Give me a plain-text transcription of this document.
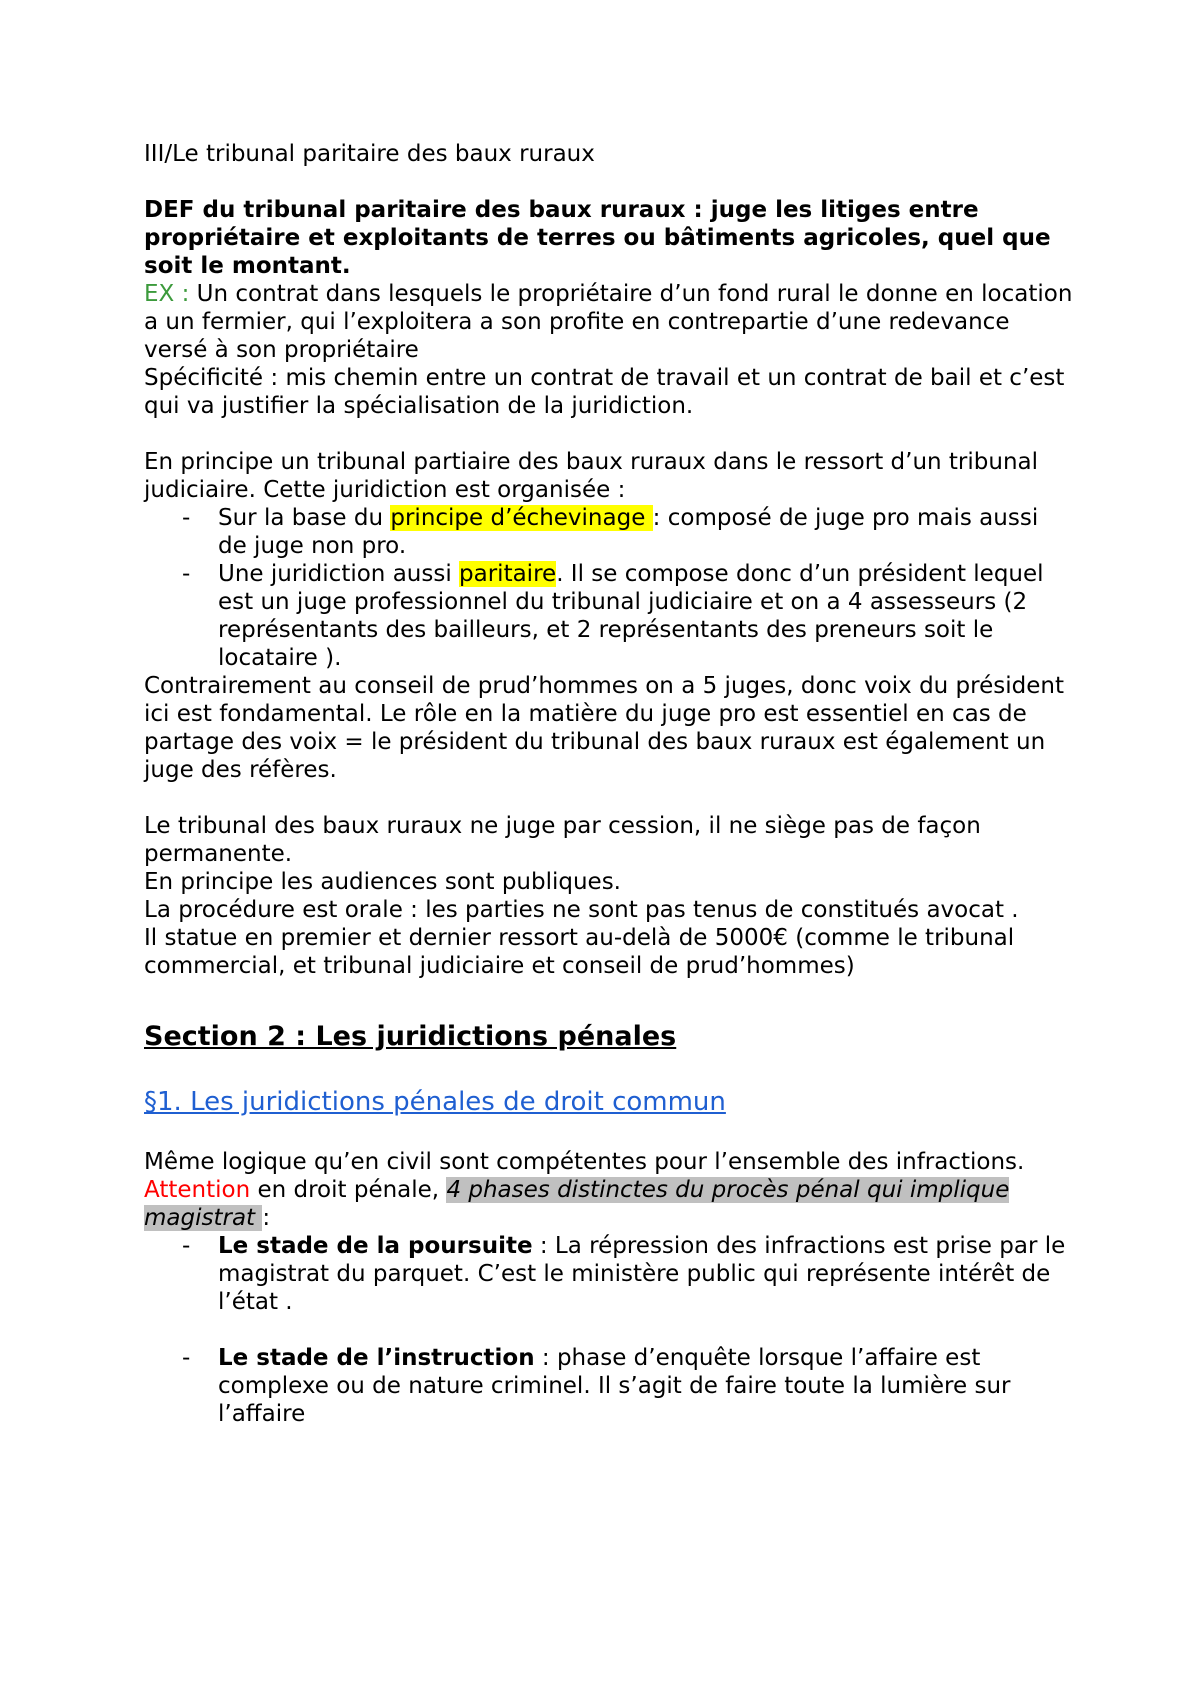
III/Le tribunal paritaire des baux ruraux

DEF du tribunal paritaire des baux ruraux : juge les litiges entre propriétaire et exploitants de terres ou bâtiments agricoles, quel que soit le montant.

EX : Un contrat dans lesquels le propriétaire d’un fond rural le donne en location a un fermier, qui l’exploitera a son profite en contrepartie d’une redevance versé à son propriétaire

Spécificité : mis chemin entre un contrat de travail et un contrat de bail et c’est qui va justifier la spécialisation de la juridiction.

En principe un tribunal partiaire des baux ruraux dans le ressort d’un tribunal judiciaire. Cette juridiction est organisée :

- Sur la base du principe d’échevinage : composé de juge pro mais aussi de juge non pro.
- Une juridiction aussi paritaire. Il se compose donc d’un président lequel est un juge professionnel du tribunal judiciaire et on a 4 assesseurs (2 représentants des bailleurs, et 2 représentants des preneurs soit le locataire ).

Contrairement au conseil de prud’hommes on a 5 juges, donc voix du président ici est fondamental. Le rôle en la matière du juge pro est essentiel en cas de partage des voix = le président du tribunal des baux ruraux est également un juge des réfères.

Le tribunal des baux ruraux ne juge par cession, il ne siège pas de façon permanente.

En principe les audiences sont publiques.

La procédure est orale : les parties ne sont pas tenus de constitués avocat .

Il statue en premier et dernier ressort au-delà de 5000€ (comme le tribunal commercial, et tribunal judiciaire et conseil de prud’hommes)

Section 2 : Les juridictions pénales

§1. Les juridictions pénales de droit commun

Même logique qu’en civil sont compétentes pour l’ensemble des infractions.

Attention en droit pénale, 4 phases distinctes du procès pénal qui implique magistrat :

- Le stade de la poursuite : La répression des infractions est prise par le magistrat du parquet. C’est le ministère public qui représente intérêt de l’état .

- Le stade de l’instruction : phase d’enquête lorsque l’affaire est complexe ou de nature criminel. Il s’agit de faire toute la lumière sur l’affaire
